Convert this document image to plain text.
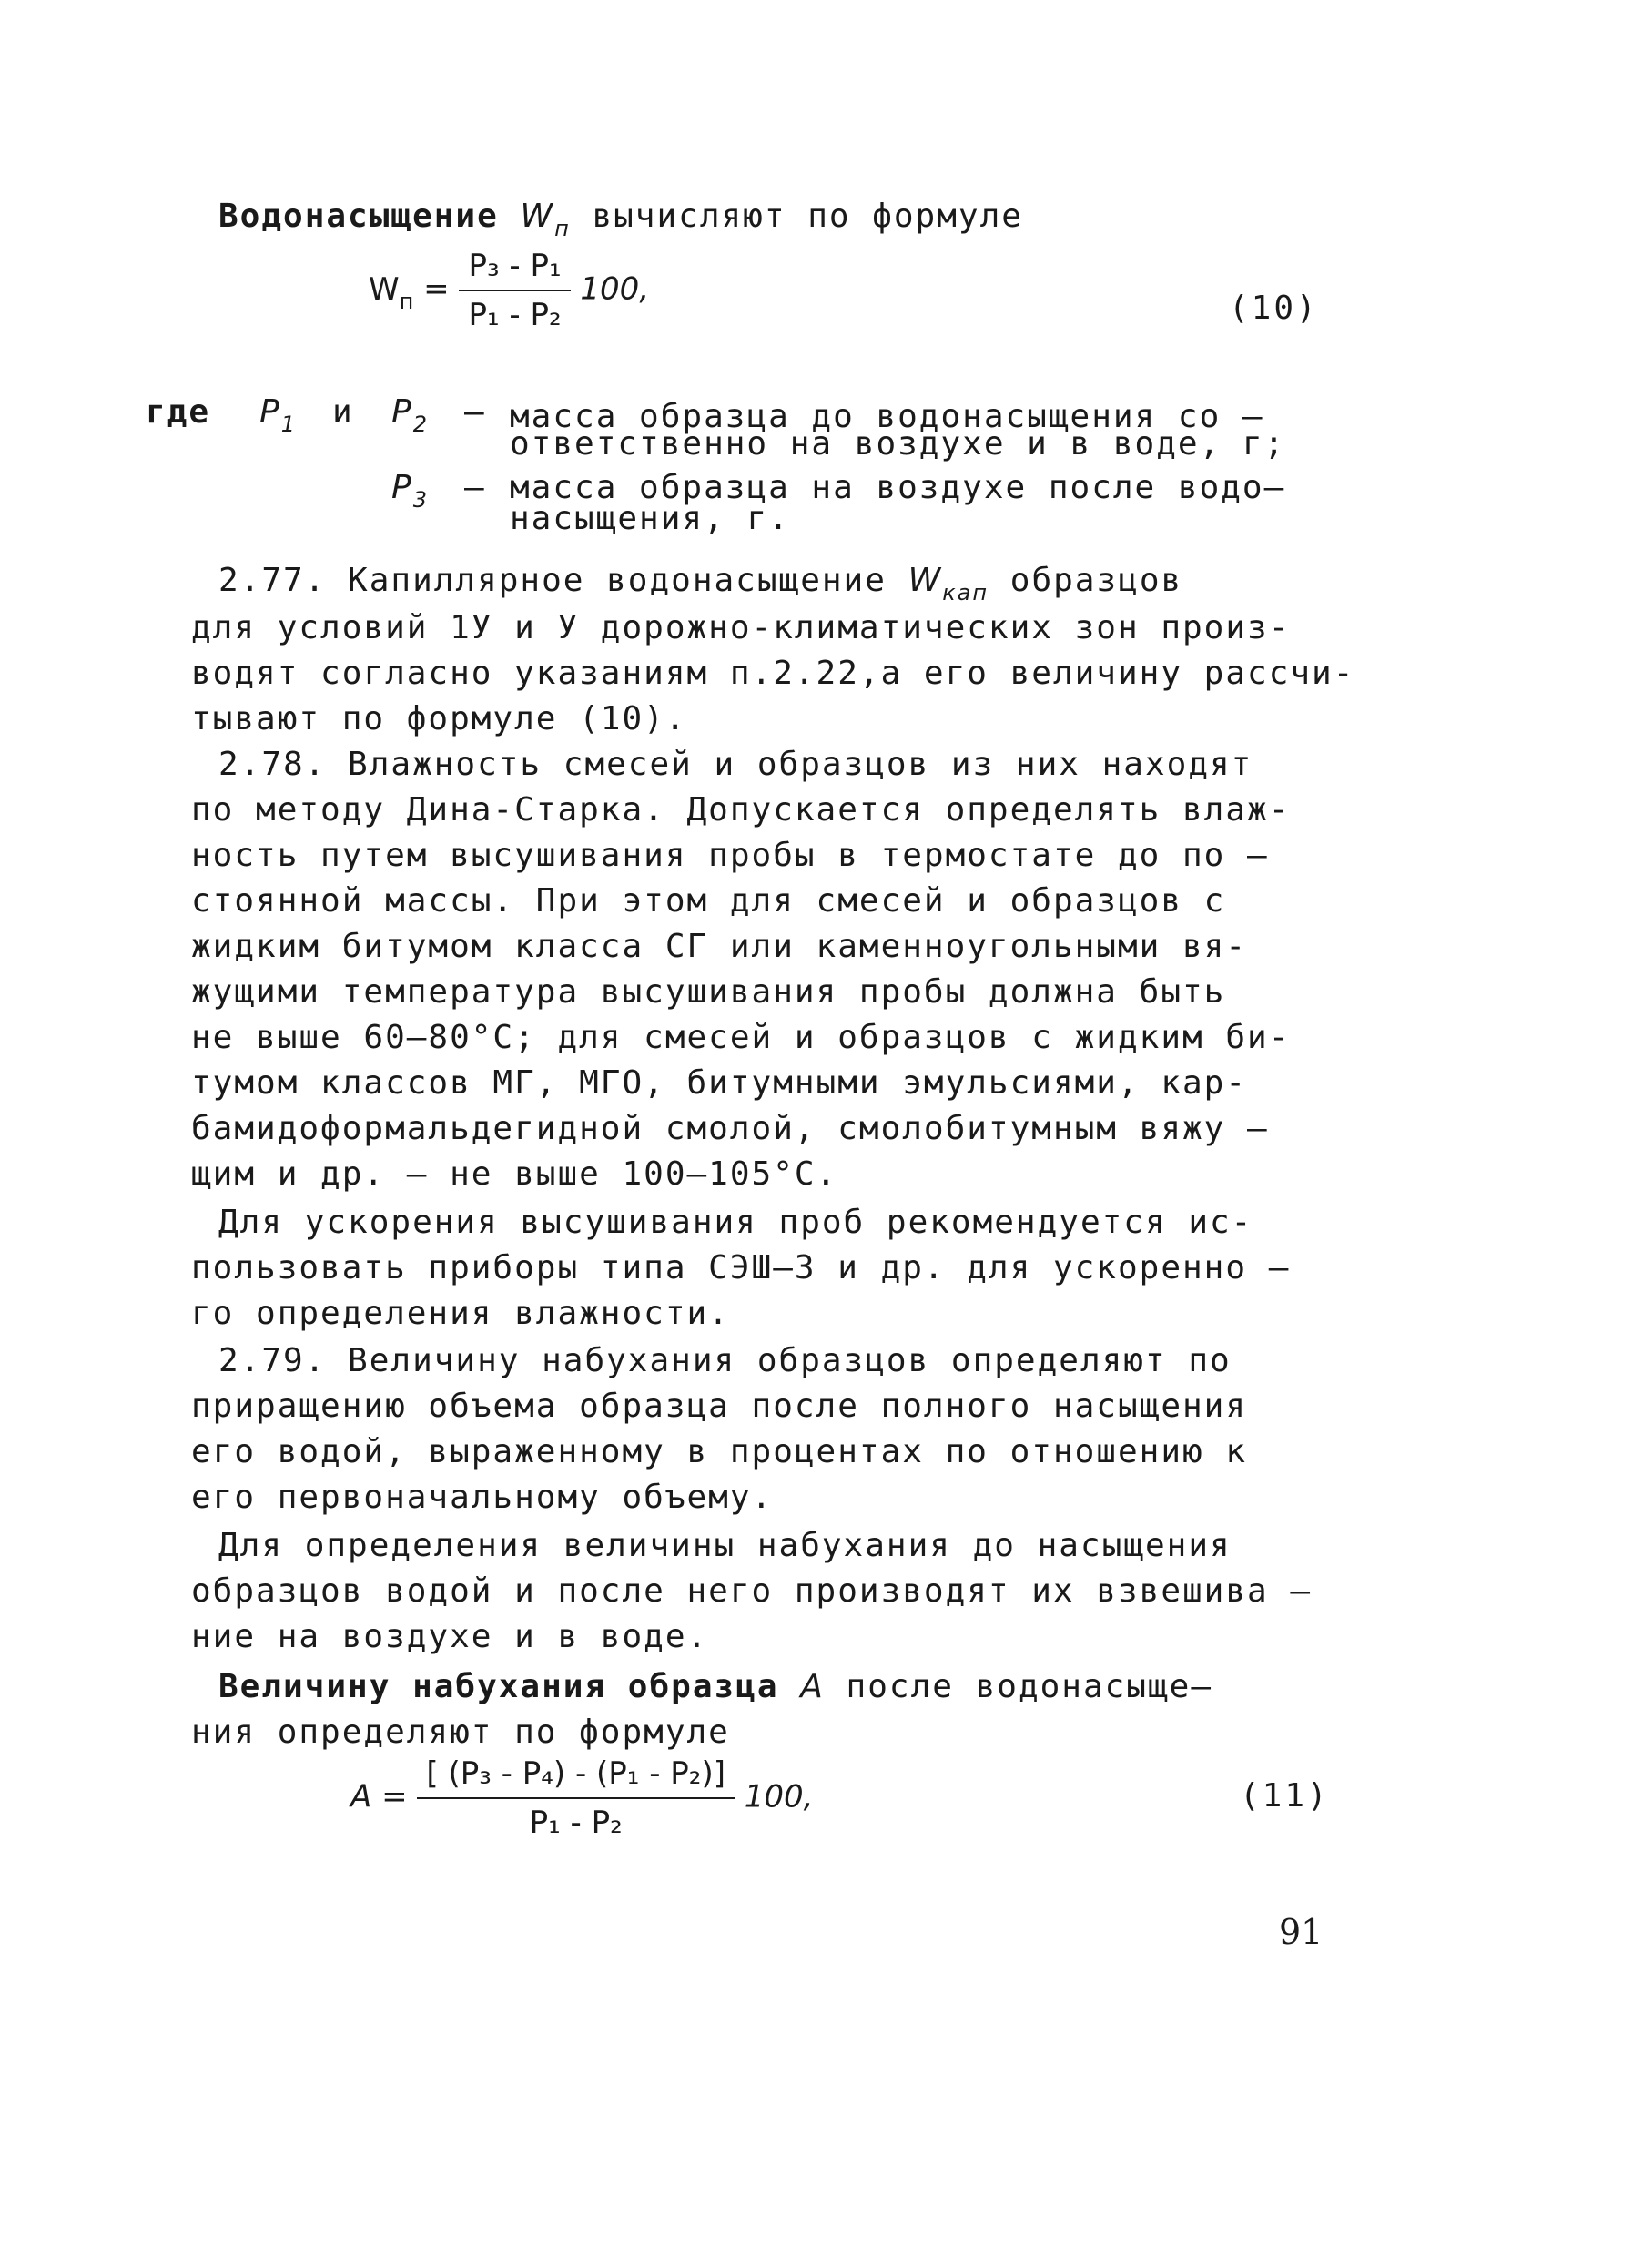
Водонасыщение $W_п$ вычисляют по формуле
$W_п = \frac{\text{P₃ - P₁}}{\text{P₁ - P₂}} 100$,
(10)
где $P_1$ и $P_2$ – масса образца до водонасыщения со –
ответственно на воздухе и в воде, г;
$P_3$ – масса образца на воздухе после водо–
насыщения, г.
2.77. Капиллярное водонасыщение $W_{кап}$ образцов
для условий 1У и У дорожно-климатических зон произ-
водят согласно указаниям п.2.22,а его величину рассчи-
тывают по формуле (10).
2.78. Влажность смесей и образцов из них находят
по методу Дина-Старка. Допускается определять влаж-
ность путем высушивания пробы в термостате до по –
стоянной массы. При этом для смесей и образцов с
жидким битумом класса СГ или каменноугольными вя-
жущими температура высушивания пробы должна быть
не выше 60–80°С; для смесей и образцов с жидким би-
тумом классов МГ, МГО, битумными эмульсиями, кар-
бамидоформальдегидной смолой, смолобитумным вяжу –
щим и др. – не выше 100–105°С.
Для ускорения высушивания проб рекомендуется ис-
пользовать приборы типа СЭШ–3 и др. для ускоренно –
го определения влажности.
2.79. Величину набухания образцов определяют по
приращению объема образца после полного насыщения
его водой, выраженному в процентах по отношению к
его первоначальному объему.
Для определения величины набухания до насыщения
образцов водой и после него производят их взвешива –
ние на воздухе и в воде.
Величину набухания образца A после водонасыще–
ния определяют по формуле
$A = \frac{\text{[ (P₃ - P₄) - (P₁ - P₂)]}}{\text{P₁ - P₂}} 100$,	(11)
91
